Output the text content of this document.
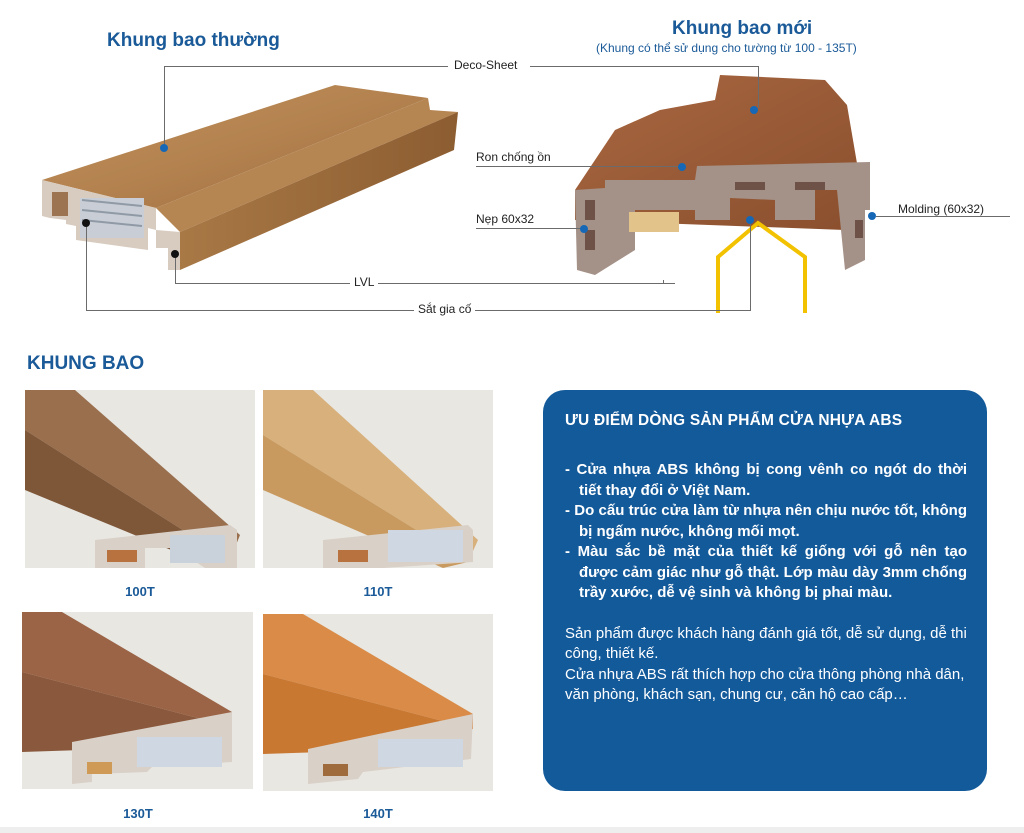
Khung bao thường
Khung bao mới
(Khung có thể sử dụng cho tường từ 100 - 135T)
Deco-Sheet
Ron chống ồn
Nẹp 60x32
Molding (60x32)
LVL
Sắt gia cố
KHUNG BAO
100T	110T
130T	140T
ƯU ĐIỂM DÒNG SẢN PHẨM CỬA NHỰA ABS
- Cửa nhựa ABS không bị cong vênh co ngót do thời tiết thay đổi ở Việt Nam.
- Do cấu trúc cửa làm từ nhựa nên chịu nước tốt, không bị ngấm nước, không mối mọt.
- Màu sắc bề mặt của thiết kế giống với gỗ nên tạo được cảm giác như gỗ thật. Lớp màu dày 3mm chống trầy xước, dễ vệ sinh và không bị phai màu.
Sản phẩm được khách hàng đánh giá tốt, dễ sử dụng, dễ thi công, thiết kế.
Cửa nhựa ABS rất thích hợp cho cửa thông phòng nhà dân, văn phòng, khách sạn, chung cư, căn hộ cao cấp…
